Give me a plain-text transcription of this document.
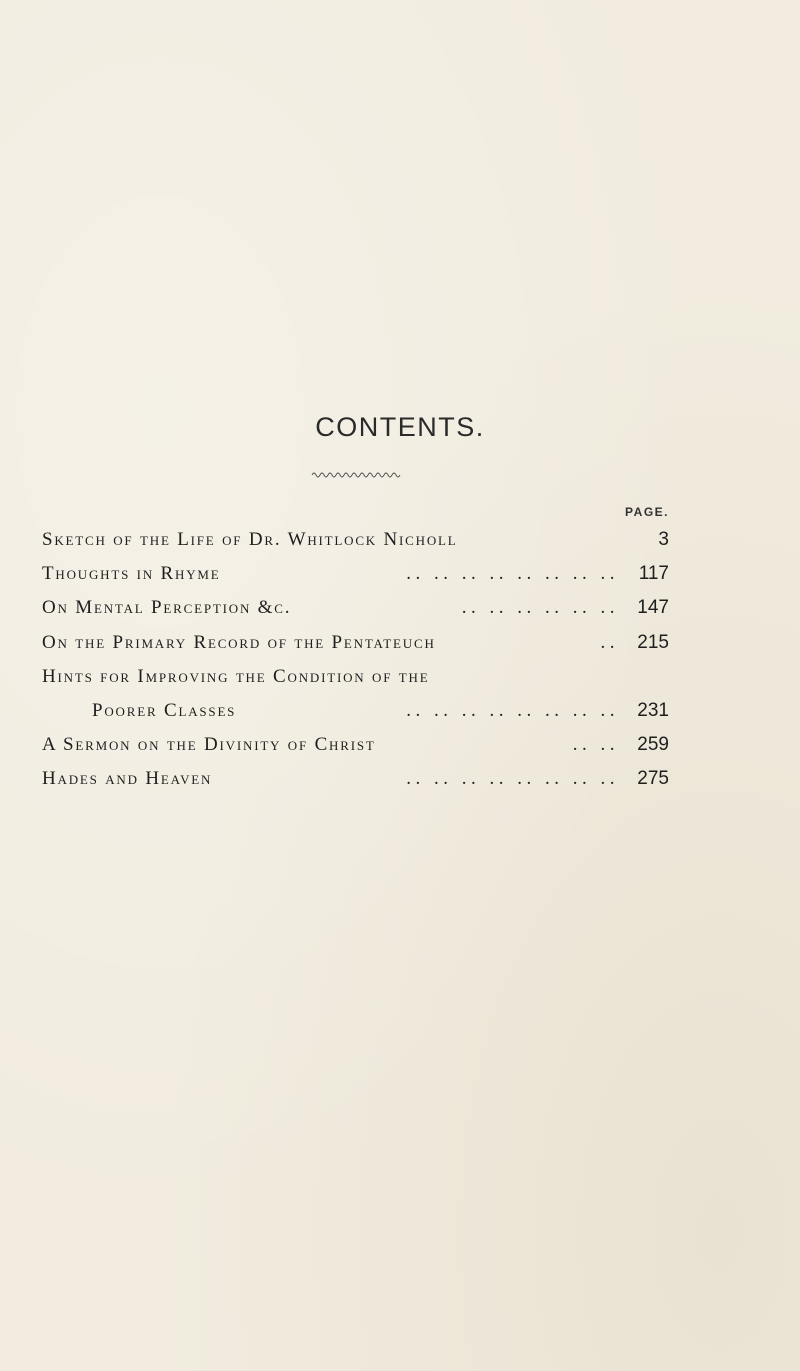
CONTENTS.
PAGE.
Sketch of the Life of Dr. Whitlock Nicholl	3
Thoughts in Rhyme	.. .. .. .. .. .. .. ..	117
On Mental Perception &c.	.. .. .. .. .. .. 147
On the Primary Record of the Pentateuch	.. 215
Hints for Improving the Condition of the
Poorer Classes	.. .. .. .. .. .. .. .. 231
A Sermon on the Divinity of Christ	.. .. 259
Hades and Heaven	.. .. .. .. .. .. .. .. 275
